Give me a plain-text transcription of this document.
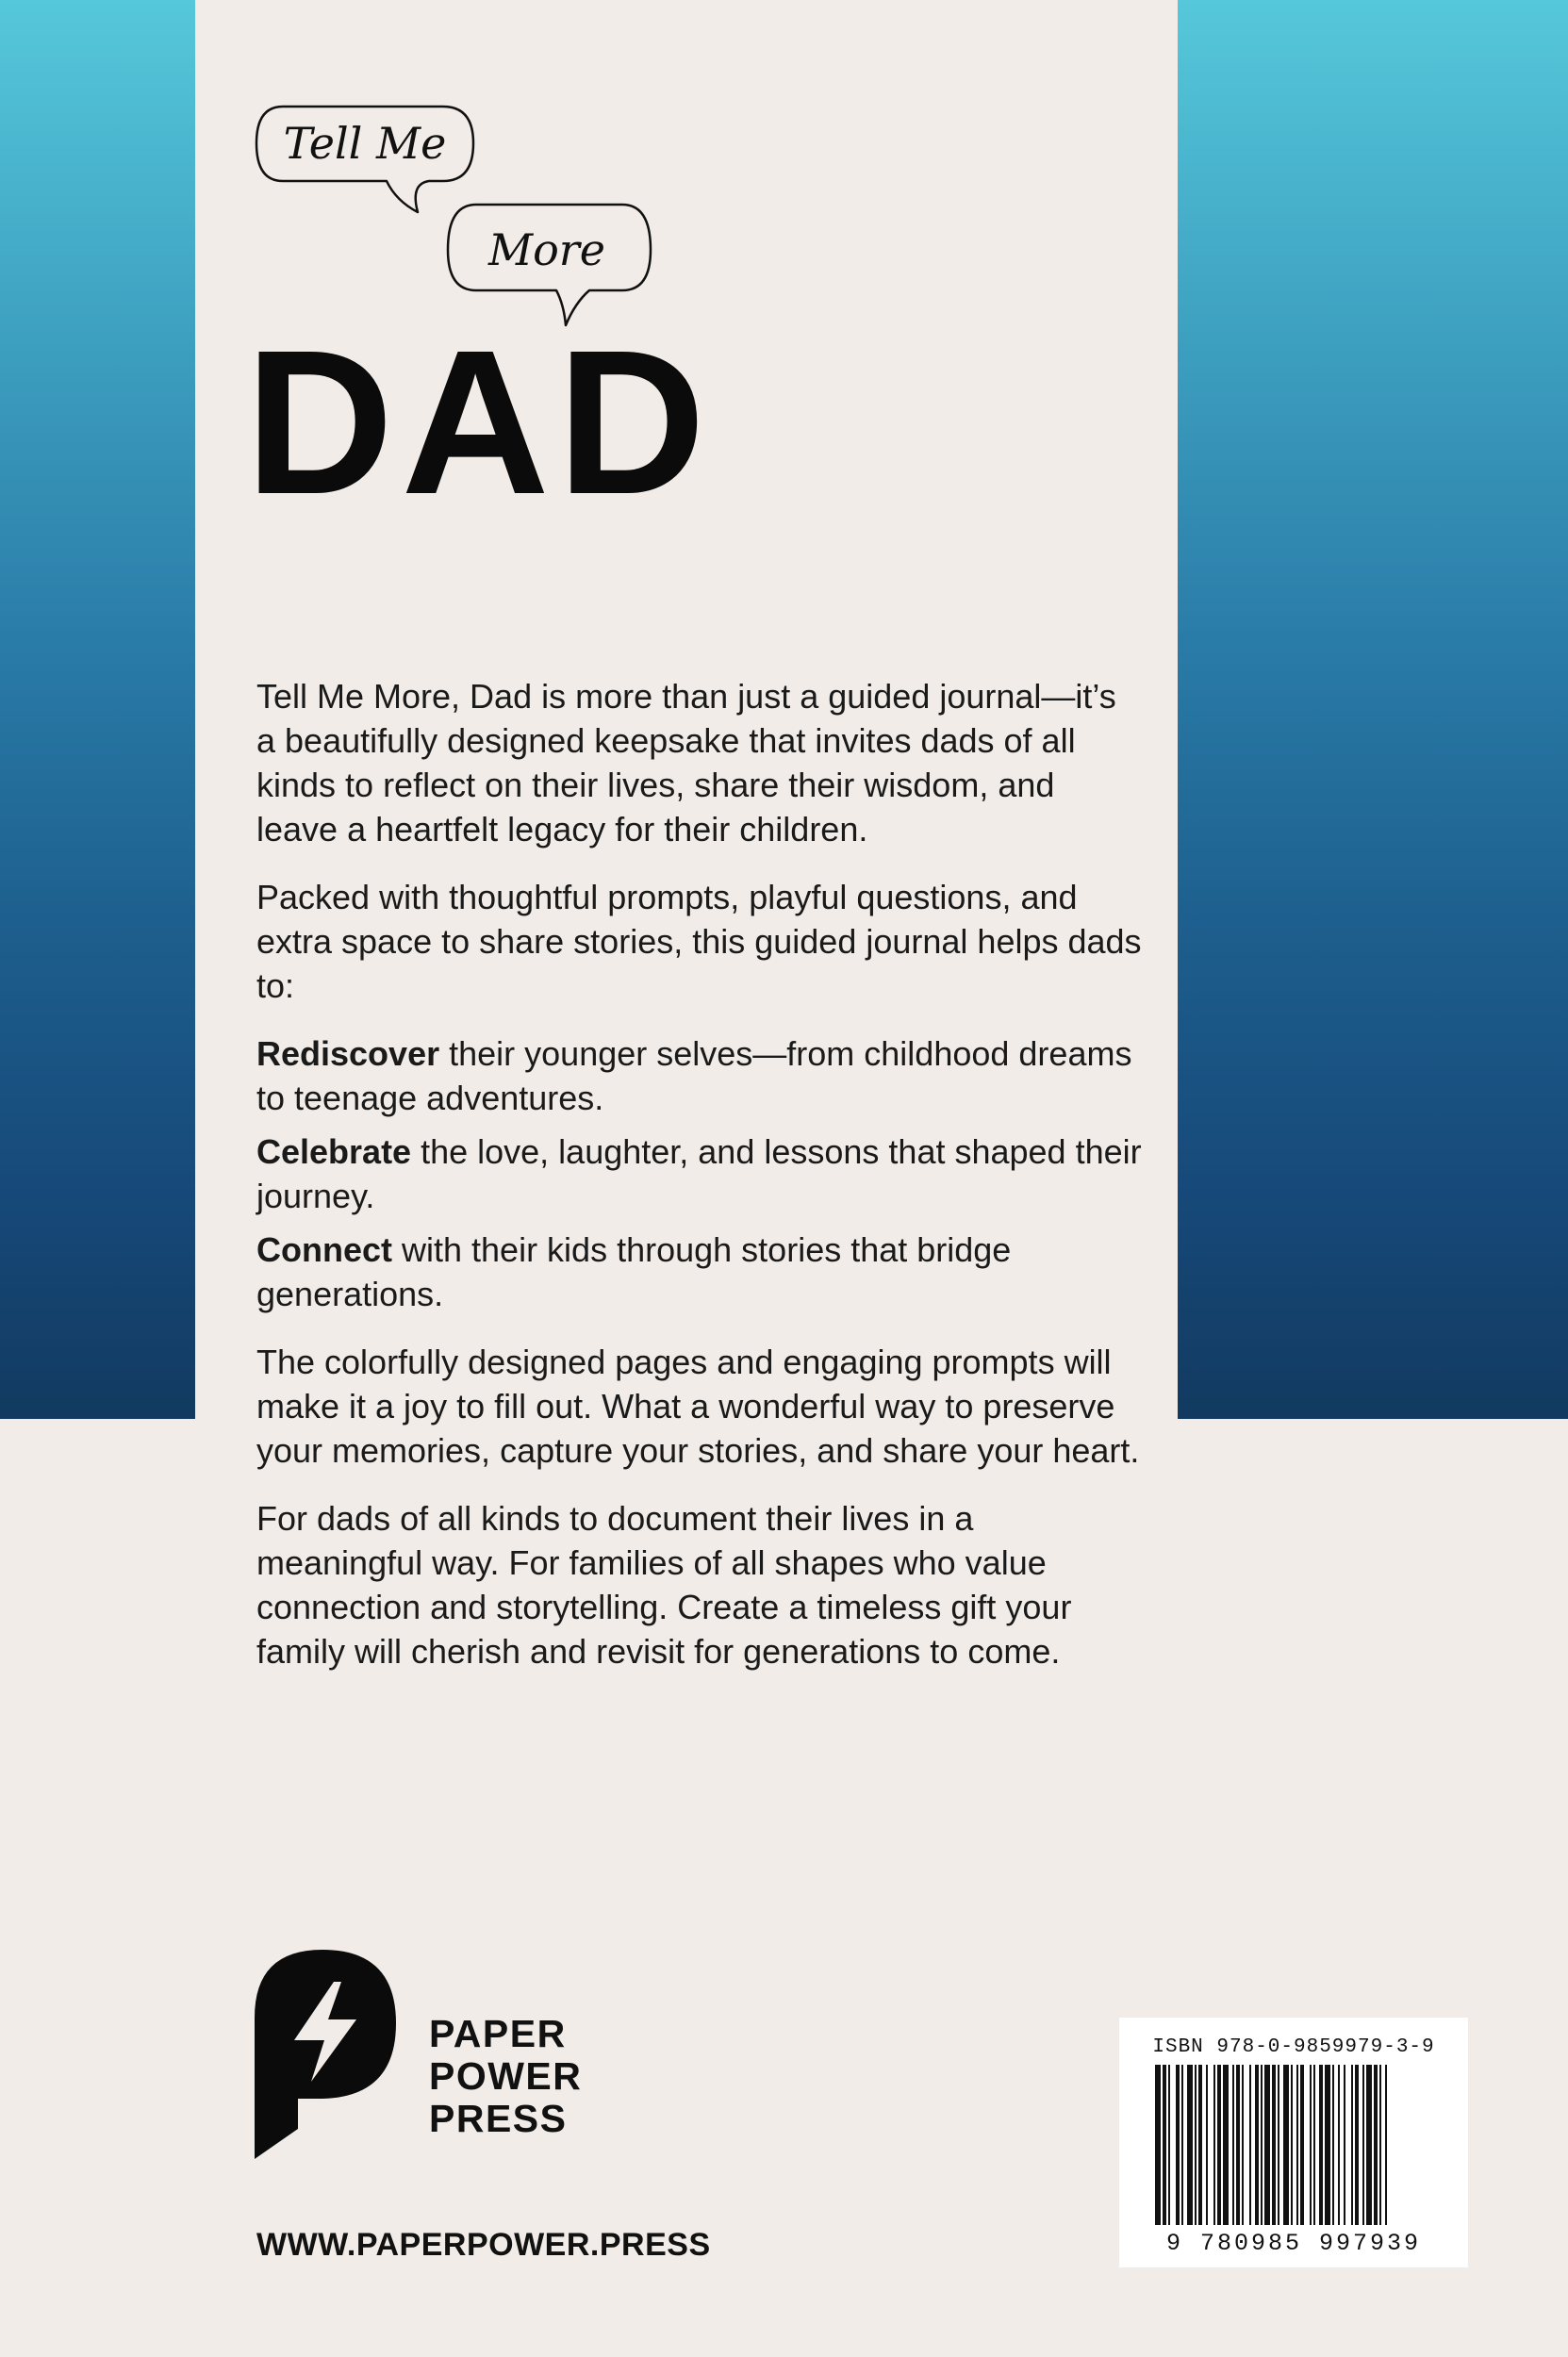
Tell Me
More
DAD

Tell Me More, Dad is more than just a guided journal—it’s a beautifully designed keepsake that invites dads of all kinds to reflect on their lives, share their wisdom, and leave a heartfelt legacy for their children.

Packed with thoughtful prompts, playful questions, and extra space to share stories, this guided journal helps dads to:

Rediscover their younger selves—from childhood dreams to teenage adventures.

Celebrate the love, laughter, and lessons that shaped their journey.

Connect with their kids through stories that bridge generations.

The colorfully designed pages and engaging prompts will make it a joy to fill out. What a wonderful way to preserve your memories, capture your stories, and share your heart.

For dads of all kinds to document their lives in a meaningful way. For families of all shapes who value connection and storytelling. Create a timeless gift your family will cherish and revisit for generations to come.

PAPER
POWER
PRESS
WWW.PAPERPOWER.PRESS
ISBN 978-0-9859979-3-9
9 780985 997939
